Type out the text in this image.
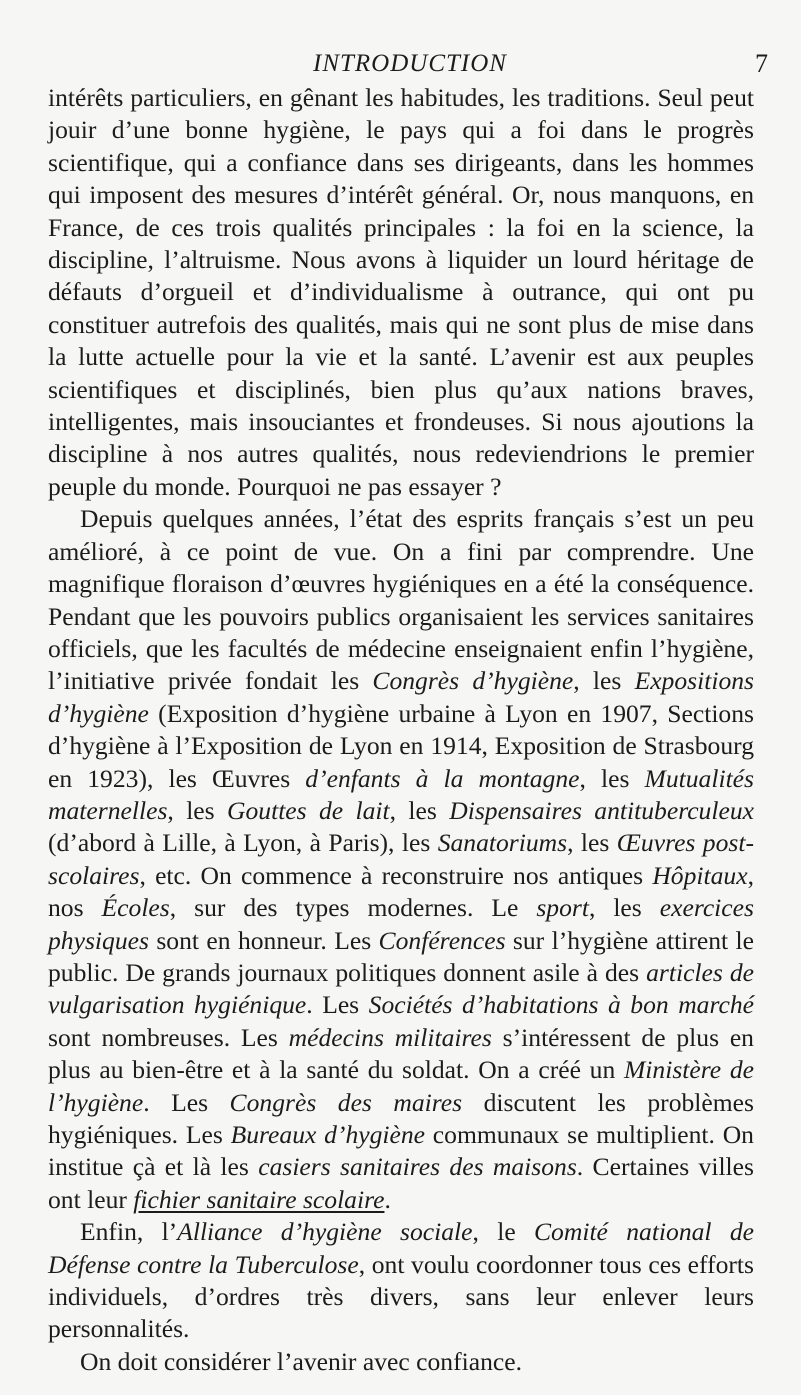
INTRODUCTION	7

intérêts particuliers, en gênant les habitudes, les traditions. Seul peut jouir d’une bonne hygiène, le pays qui a foi dans le progrès scientifique, qui a confiance dans ses dirigeants, dans les hommes qui imposent des mesures d’intérêt général. Or, nous manquons, en France, de ces trois qualités principales : la foi en la science, la discipline, l’altruisme. Nous avons à liquider un lourd héritage de défauts d’orgueil et d’individualisme à outrance, qui ont pu constituer autrefois des qualités, mais qui ne sont plus de mise dans la lutte actuelle pour la vie et la santé. L’avenir est aux peuples scientifiques et disciplinés, bien plus qu’aux nations braves, intelligentes, mais insouciantes et frondeuses. Si nous ajoutions la discipline à nos autres qualités, nous redeviendrions le premier peuple du monde. Pourquoi ne pas essayer ?

Depuis quelques années, l’état des esprits français s’est un peu amélioré, à ce point de vue. On a fini par comprendre. Une magnifique floraison d’œuvres hygiéniques en a été la conséquence. Pendant que les pouvoirs publics organisaient les services sanitaires officiels, que les facultés de médecine enseignaient enfin l’hygiène, l’initiative privée fondait les Congrès d’hygiène, les Expositions d’hygiène (Exposition d’hygiène urbaine à Lyon en 1907, Sections d’hygiène à l’Exposition de Lyon en 1914, Exposition de Strasbourg en 1923), les Œuvres d’enfants à la montagne, les Mutualités maternelles, les Gouttes de lait, les Dispensaires antituberculeux (d’abord à Lille, à Lyon, à Paris), les Sanatoriums, les Œuvres post-scolaires, etc. On commence à reconstruire nos antiques Hôpitaux, nos Écoles, sur des types modernes. Le sport, les exercices physiques sont en honneur. Les Conférences sur l’hygiène attirent le public. De grands journaux politiques donnent asile à des articles de vulgarisation hygiénique. Les Sociétés d’habitations à bon marché sont nombreuses. Les médecins militaires s’intéressent de plus en plus au bien-être et à la santé du soldat. On a créé un Ministère de l’hygiène. Les Congrès des maires discutent les problèmes hygiéniques. Les Bureaux d’hygiène communaux se multiplient. On institue çà et là les casiers sanitaires des maisons. Certaines villes ont leur fichier sanitaire scolaire.

Enfin, l’Alliance d’hygiène sociale, le Comité national de Défense contre la Tuberculose, ont voulu coordonner tous ces efforts individuels, d’ordres très divers, sans leur enlever leurs personnalités.

On doit considérer l’avenir avec confiance.
